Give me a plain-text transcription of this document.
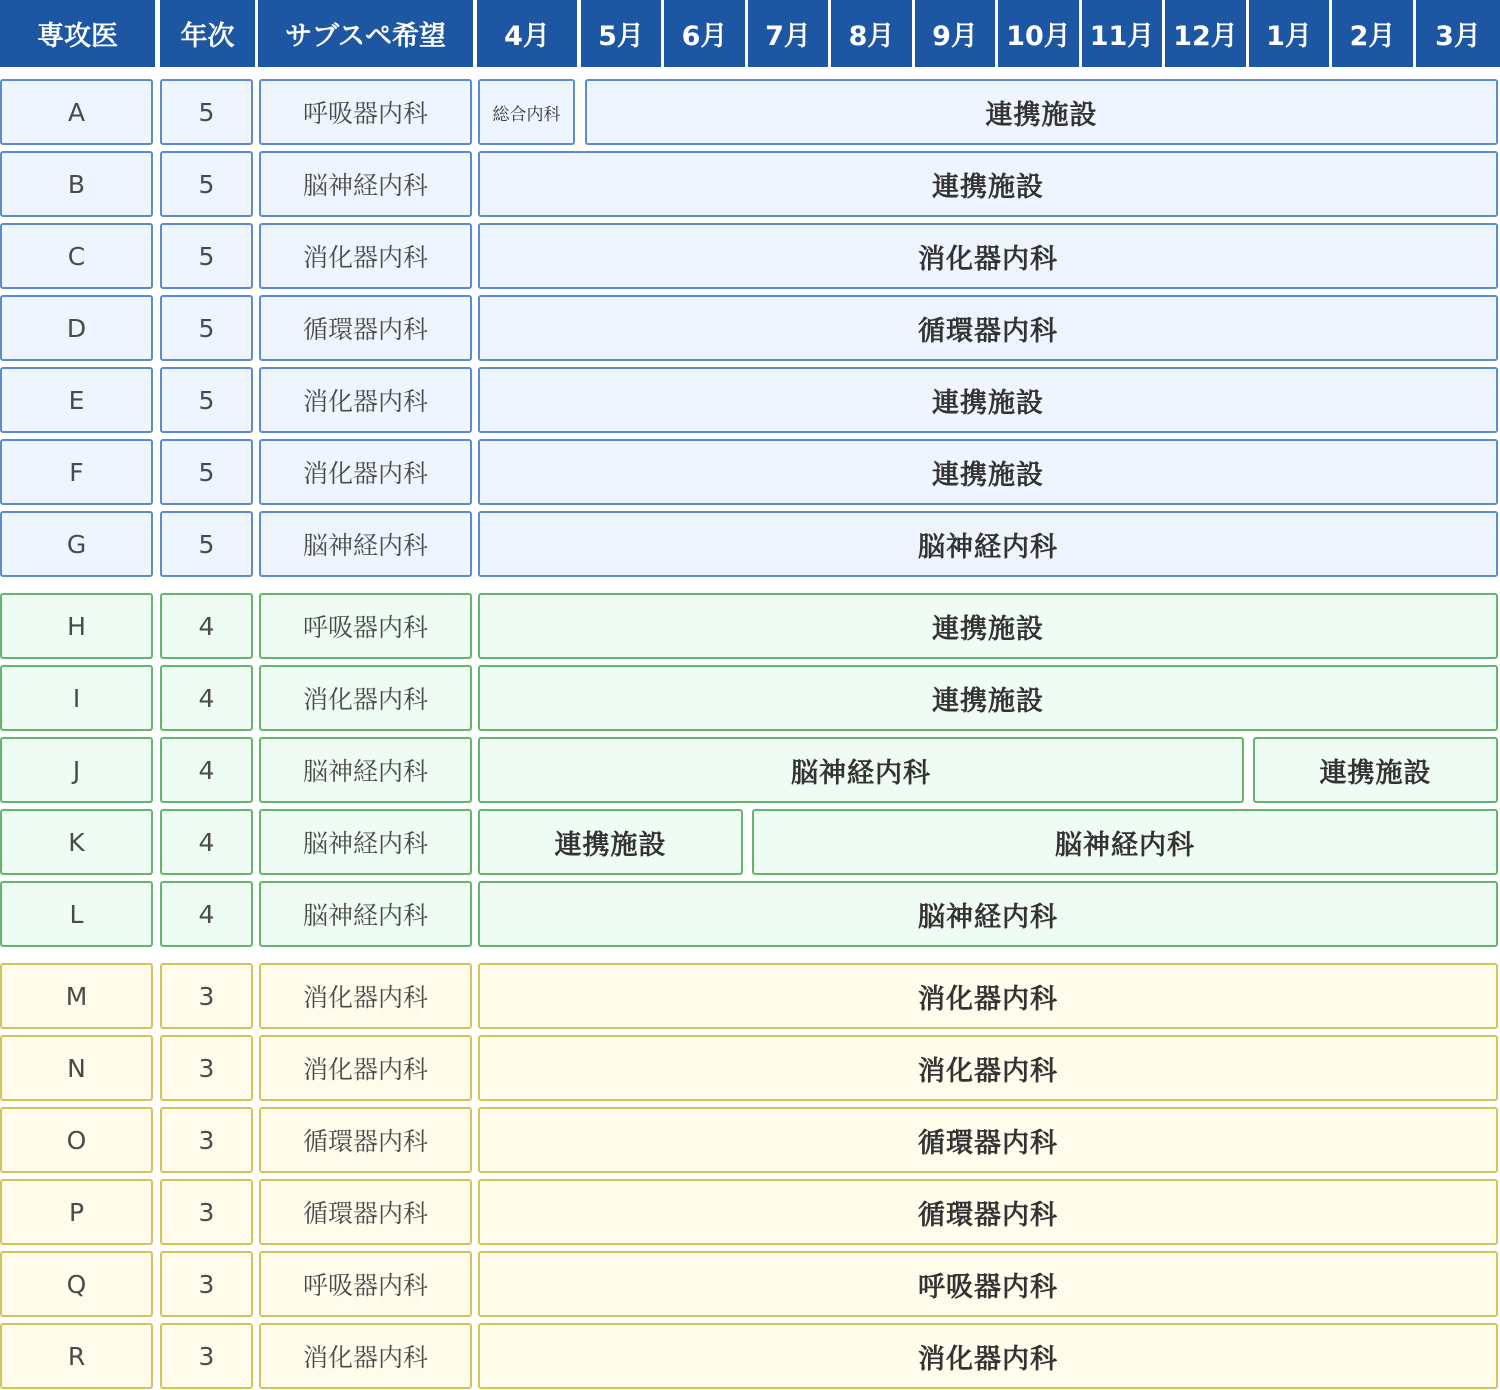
専攻医 年次 サブスペ希望 4月 5月 6月 7月 8月 9月 10月 11月 12月 1月 2月 3月
A	5	呼吸器内科	総合内科	連携施設
B	5	脳神経内科	連携施設
C	5	消化器内科	消化器内科
D	5	循環器内科	循環器内科
E	5	消化器内科	連携施設
F	5	消化器内科	連携施設
G	5	脳神経内科	脳神経内科
H	4	呼吸器内科	連携施設
I	4	消化器内科	連携施設
J	4	脳神経内科	脳神経内科	連携施設
K	4	脳神経内科	連携施設	脳神経内科
L	4	脳神経内科	脳神経内科
M	3	消化器内科	消化器内科
N	3	消化器内科	消化器内科
O	3	循環器内科	循環器内科
P	3	循環器内科	循環器内科
Q	3	呼吸器内科	呼吸器内科
R	3	消化器内科	消化器内科
